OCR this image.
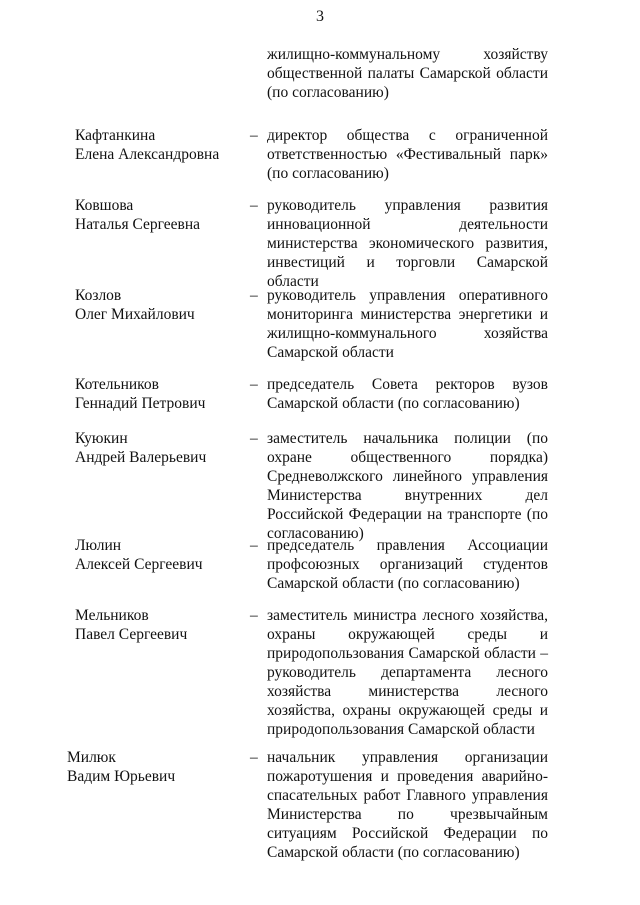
3
жилищно-коммунальному хозяйству общественной палаты Самарской области (по согласованию)
Кафтанкина
Елена Александровна
– директор общества с ограниченной ответственностью «Фестивальный парк» (по согласованию)
Ковшова
Наталья Сергеевна
– руководитель управления развития инновационной деятельности министерства экономического развития, инвестиций и торговли Самарской области
Козлов
Олег Михайлович
– руководитель управления оперативного мониторинга министерства энергетики и жилищно-коммунального хозяйства Самарской области
Котельников
Геннадий Петрович
– председатель Совета ректоров вузов Самарской области (по согласованию)
Куюкин
Андрей Валерьевич
– заместитель начальника полиции (по охране общественного порядка) Средневолжского линейного управления Министерства внутренних дел Российской Федерации на транспорте (по согласованию)
Люлин
Алексей Сергеевич
– председатель правления Ассоциации профсоюзных организаций студентов Самарской области (по согласованию)
Мельников
Павел Сергеевич
– заместитель министра лесного хозяйства, охраны окружающей среды и природопользования Самарской области – руководитель департамента лесного хозяйства министерства лесного хозяйства, охраны окружающей среды и природопользования Самарской области
Милюк
Вадим Юрьевич
– начальник управления организации пожаротушения и проведения аварийно-спасательных работ Главного управления Министерства по чрезвычайным ситуациям Российской Федерации по Самарской области (по согласованию)
